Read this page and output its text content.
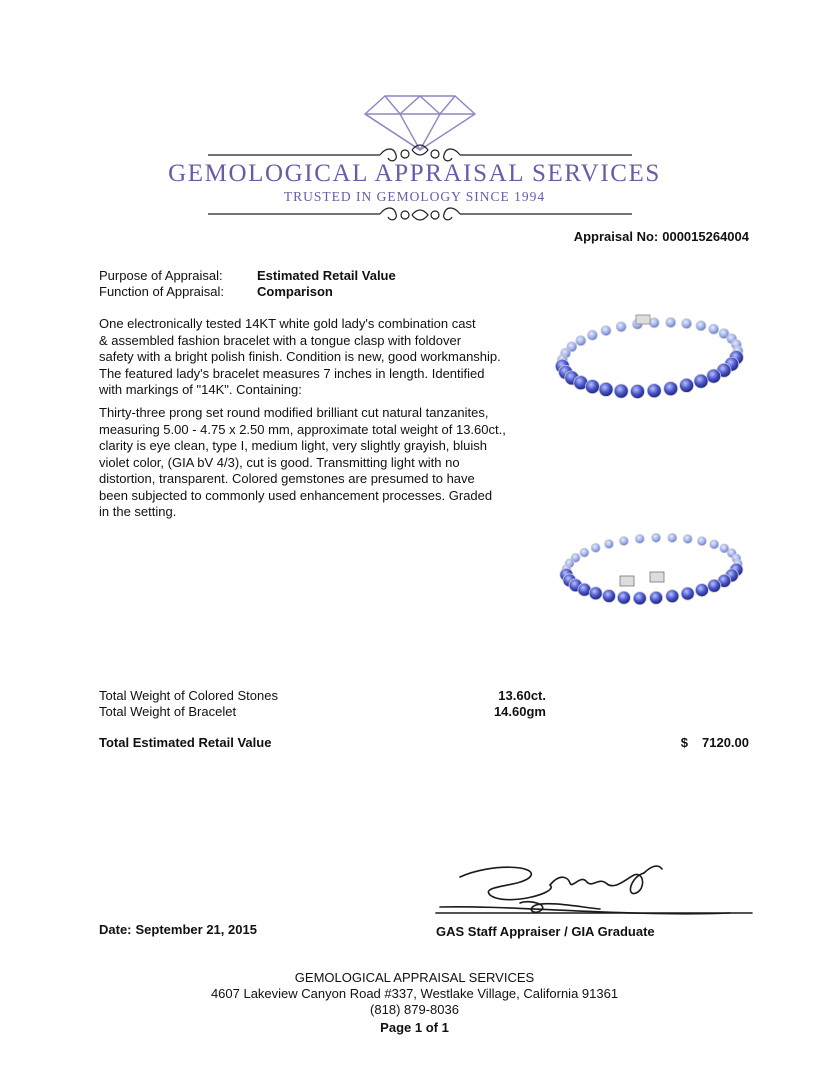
GEMOLOGICAL APPRAISAL SERVICES
TRUSTED IN GEMOLOGY SINCE 1994
Appraisal No: 000015264004
Purpose of Appraisal:	Estimated Retail Value
Function of Appraisal:	Comparison
One electronically tested 14KT white gold lady's combination cast
& assembled fashion bracelet with a tongue clasp with foldover
safety with a bright polish finish. Condition is new, good workmanship.
The featured lady's bracelet measures 7 inches in length. Identified
with markings of "14K". Containing:
Thirty-three prong set round modified brilliant cut natural tanzanites,
measuring 5.00 - 4.75 x 2.50 mm, approximate total weight of 13.60ct.,
clarity is eye clean, type I, medium light, very slightly grayish, bluish
violet color, (GIA bV 4/3), cut is good. Transmitting light with no
distortion, transparent. Colored gemstones are presumed to have
been subjected to commonly used enhancement processes. Graded
in the setting.
Total Weight of Colored Stones	13.60ct.
Total Weight of Bracelet	14.60gm
Total Estimated Retail Value	$ 7120.00
Date: September 21, 2015	GAS Staff Appraiser / GIA Graduate
GEMOLOGICAL APPRAISAL SERVICES
4607 Lakeview Canyon Road #337, Westlake Village, California 91361
(818) 879-8036
Page 1 of 1
